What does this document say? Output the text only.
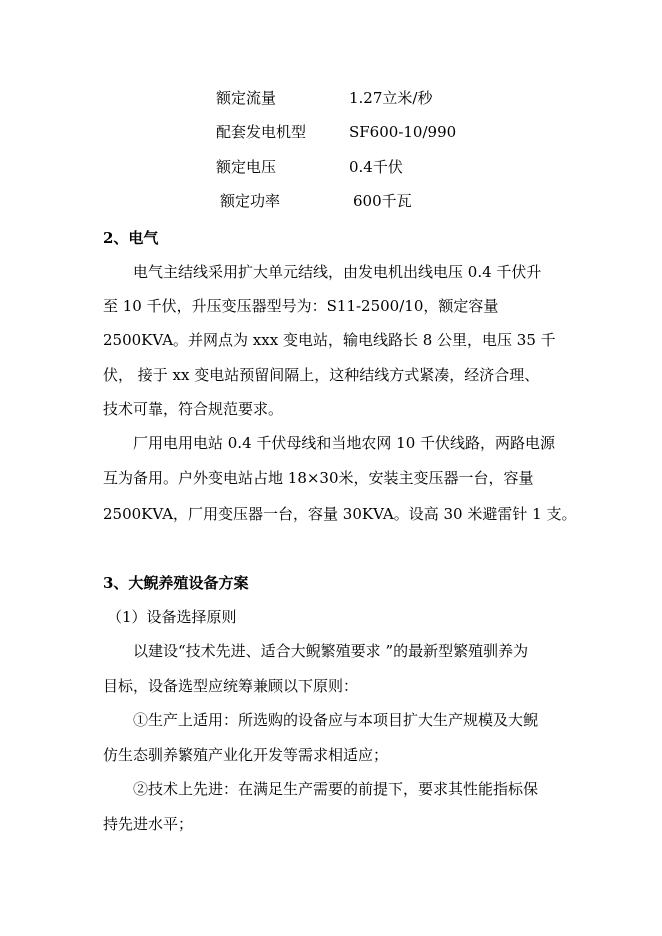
额定流量	1.27立米/秒
配套发电机型	SF600-10/990
额定电压	0.4千伏
额定功率	600千瓦
2、电气
电气主结线采用扩大单元结线，由发电机出线电压 0.4 千伏升
至 10 千伏，升压变压器型号为：S11-2500/10，额定容量
2500KVA。并网点为 xxx 变电站，输电线路长 8 公里，电压 35 千
伏， 接于 xx 变电站预留间隔上，这种结线方式紧凑，经济合理、
技术可靠，符合规范要求。
厂用电用电站 0.4 千伏母线和当地农网 10 千伏线路，两路电源
互为备用。户外变电站占地 18×30米，安装主变压器一台，容量
2500KVA，厂用变压器一台，容量 30KVA。设高 30 米避雷针 1 支。
3、大鲵养殖设备方案
（1）设备选择原则
以建设“技术先进、适合大鲵繁殖要求 ”的最新型繁殖驯养为
目标，设备选型应统筹兼顾以下原则：
①生产上适用：所选购的设备应与本项目扩大生产规模及大鲵
仿生态驯养繁殖产业化开发等需求相适应；
②技术上先进：在满足生产需要的前提下，要求其性能指标保
持先进水平；
